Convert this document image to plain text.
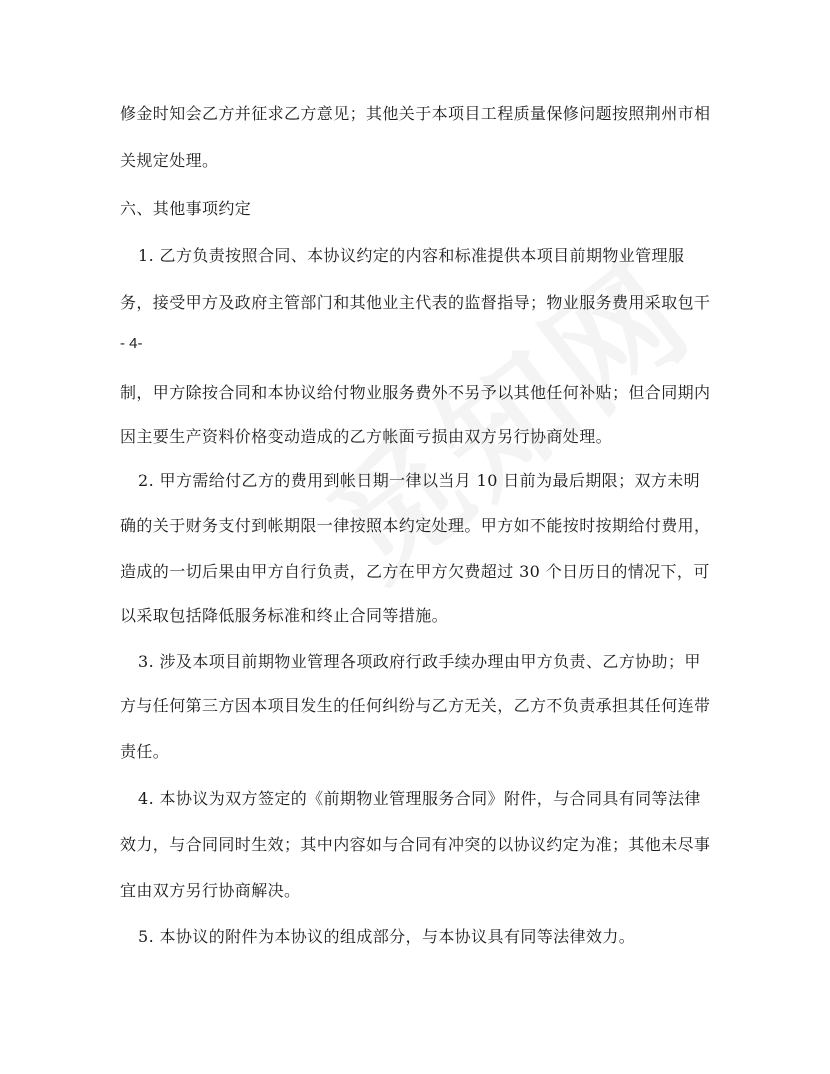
修金时知会乙方并征求乙方意见；其他关于本项目工程质量保修问题按照荆州市相
关规定处理。
六、其他事项约定
1. 乙方负责按照合同、本协议约定的内容和标准提供本项目前期物业管理服
务，接受甲方及政府主管部门和其他业主代表的监督指导；物业服务费用采取包干
- 4-
制，甲方除按合同和本协议给付物业服务费外不另予以其他任何补贴；但合同期内
因主要生产资料价格变动造成的乙方帐面亏损由双方另行协商处理。
2. 甲方需给付乙方的费用到帐日期一律以当月 10 日前为最后期限；双方未明
确的关于财务支付到帐期限一律按照本约定处理。甲方如不能按时按期给付费用，
造成的一切后果由甲方自行负责，乙方在甲方欠费超过 30 个日历日的情况下，可
以采取包括降低服务标准和终止合同等措施。
3. 涉及本项目前期物业管理各项政府行政手续办理由甲方负责、乙方协助；甲
方与任何第三方因本项目发生的任何纠纷与乙方无关，乙方不负责承担其任何连带
责任。
4. 本协议为双方签定的《前期物业管理服务合同》附件，与合同具有同等法律
效力，与合同同时生效；其中内容如与合同有冲突的以协议约定为准；其他未尽事
宜由双方另行协商解决。
5. 本协议的附件为本协议的组成部分，与本协议具有同等法律效力。
